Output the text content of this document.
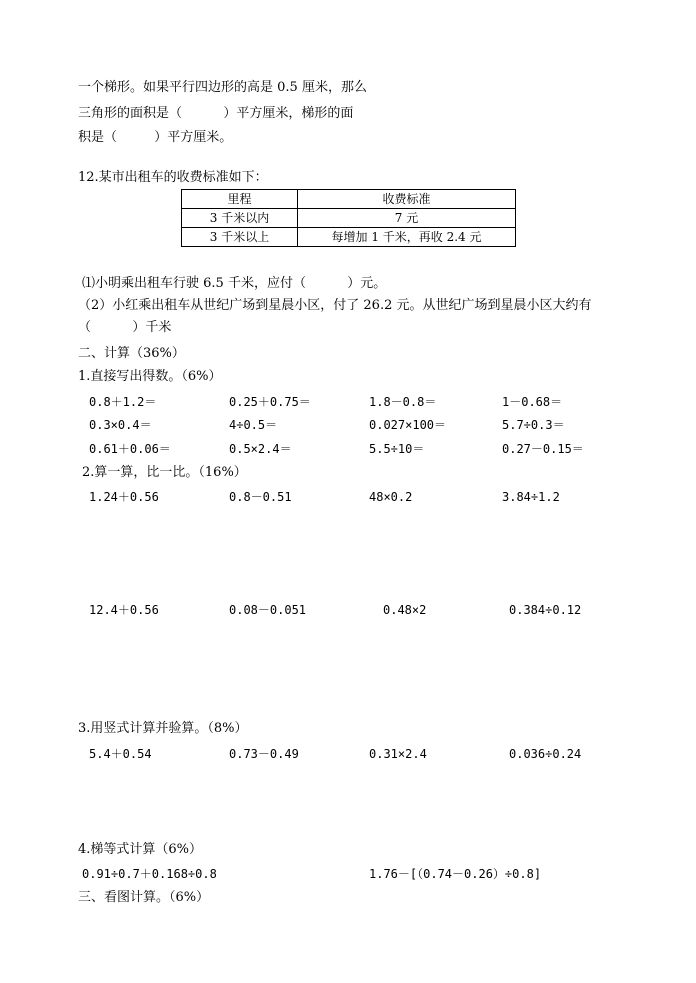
一个梯形。如果平行四边形的高是 0.5 厘米，那么
三角形的面积是（          ）平方厘米，梯形的面
积是（         ）平方厘米。
12.某市出租车的收费标准如下：
里程	收费标准
3 千米以内	7 元
3 千米以上	每增加 1 千米，再收 2.4 元
⑴小明乘出租车行驶 6.5 千米，应付（          ）元。
（2）小红乘出租车从世纪广场到星晨小区，付了 26.2 元。从世纪广场到星晨小区大约有
（          ）千米
二、计算（36%）
1.直接写出得数。（6%）
0.8＋1.2＝	0.25＋0.75＝	1.8－0.8＝	1－0.68＝
0.3×0.4＝	4÷0.5＝	0.027×100＝	5.7÷0.3＝
0.61＋0.06＝	0.5×2.4＝	5.5÷10＝	0.27－0.15＝
2.算一算，比一比。（16%）
1.24＋0.56	0.8－0.51	48×0.2	3.84÷1.2
12.4＋0.56	0.08－0.051	0.48×2	0.384÷0.12
3.用竖式计算并验算。（8%）
5.4＋0.54	0.73－0.49	0.31×2.4	0.036÷0.24
4.梯等式计算（6%）
0.91÷0.7＋0.168÷0.8	1.76－[（0.74－0.26）÷0.8]
三、看图计算。（6%）
